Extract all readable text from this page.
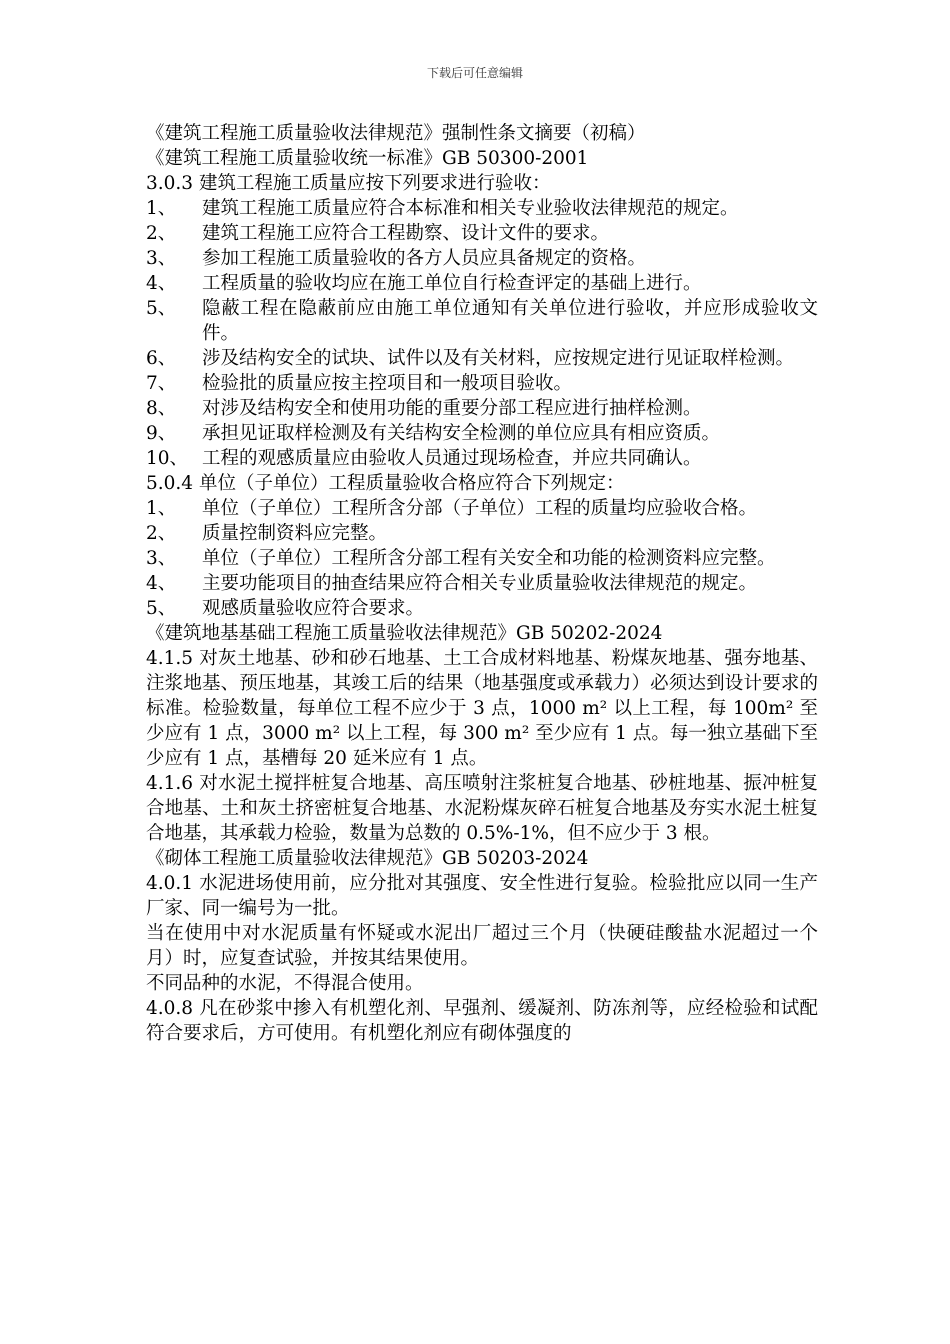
下载后可任意编辑

《建筑工程施工质量验收法律规范》强制性条文摘要（初稿）

《建筑工程施工质量验收统一标准》GB 50300-2001

3.0.3 建筑工程施工质量应按下列要求进行验收：

1、	建筑工程施工质量应符合本标准和相关专业验收法律规范的规定。
2、	建筑工程施工应符合工程勘察、设计文件的要求。
3、	参加工程施工质量验收的各方人员应具备规定的资格。
4、	工程质量的验收均应在施工单位自行检查评定的基础上进行。
5、	隐蔽工程在隐蔽前应由施工单位通知有关单位进行验收，并应形成验收文件。
6、	涉及结构安全的试块、试件以及有关材料，应按规定进行见证取样检测。
7、	检验批的质量应按主控项目和一般项目验收。
8、	对涉及结构安全和使用功能的重要分部工程应进行抽样检测。
9、	承担见证取样检测及有关结构安全检测的单位应具有相应资质。
10、 工程的观感质量应由验收人员通过现场检查，并应共同确认。

5.0.4 单位（子单位）工程质量验收合格应符合下列规定：

1、	单位（子单位）工程所含分部（子单位）工程的质量均应验收合格。
2、	质量控制资料应完整。
3、	单位（子单位）工程所含分部工程有关安全和功能的检测资料应完整。
4、	主要功能项目的抽查结果应符合相关专业质量验收法律规范的规定。
5、	观感质量验收应符合要求。

《建筑地基基础工程施工质量验收法律规范》GB 50202-2024

4.1.5 对灰土地基、砂和砂石地基、土工合成材料地基、粉煤灰地基、强夯地基、注浆地基、预压地基，其竣工后的结果（地基强度或承载力）必须达到设计要求的标准。检验数量，每单位工程不应少于 3 点，1000 m² 以上工程，每 100m² 至少应有 1 点，3000 m² 以上工程，每 300 m² 至少应有 1 点。每一独立基础下至少应有 1 点，基槽每 20 延米应有 1 点。

4.1.6 对水泥土搅拌桩复合地基、高压喷射注浆桩复合地基、砂桩地基、振冲桩复合地基、土和灰土挤密桩复合地基、水泥粉煤灰碎石桩复合地基及夯实水泥土桩复合地基，其承载力检验，数量为总数的 0.5%-1%，但不应少于 3 根。

《砌体工程施工质量验收法律规范》GB 50203-2024

4.0.1 水泥进场使用前，应分批对其强度、安全性进行复验。检验批应以同一生产厂家、同一编号为一批。

当在使用中对水泥质量有怀疑或水泥出厂超过三个月（快硬硅酸盐水泥超过一个月）时，应复查试验，并按其结果使用。

不同品种的水泥，不得混合使用。

4.0.8 凡在砂浆中掺入有机塑化剂、早强剂、缓凝剂、防冻剂等，应经检验和试配符合要求后，方可使用。有机塑化剂应有砌体强度的
